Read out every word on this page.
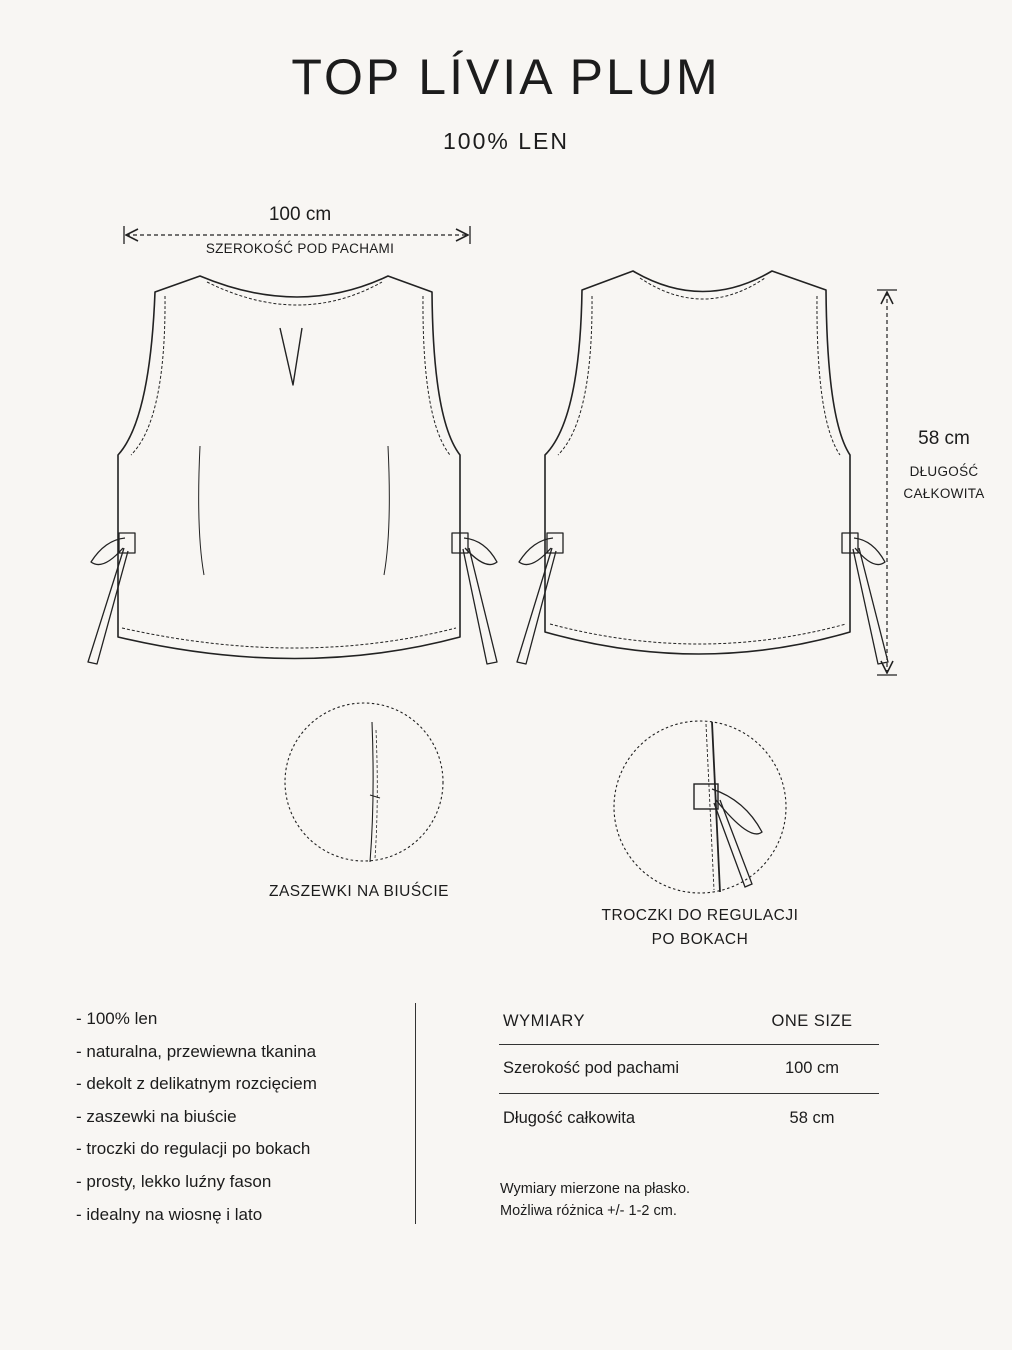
TOP LÍVIA PLUM
100% LEN
100 cm
SZEROKOŚĆ POD PACHAMI
58 cm
DŁUGOŚĆ
CAŁKOWITA
ZASZEWKI NA BIUŚCIE
TROCZKI DO REGULACJI
PO BOKACH
- 100% len
- naturalna, przewiewna tkanina
- dekolt z delikatnym rozcięciem
- zaszewki na biuście
- troczki do regulacji po bokach
- prosty, lekko luźny fason
- idealny na wiosnę i lato
WYMIARY	ONE SIZE
Szerokość pod pachami	100 cm
Długość całkowita	58 cm
Wymiary mierzone na płasko.
Możliwa różnica +/- 1-2 cm.
